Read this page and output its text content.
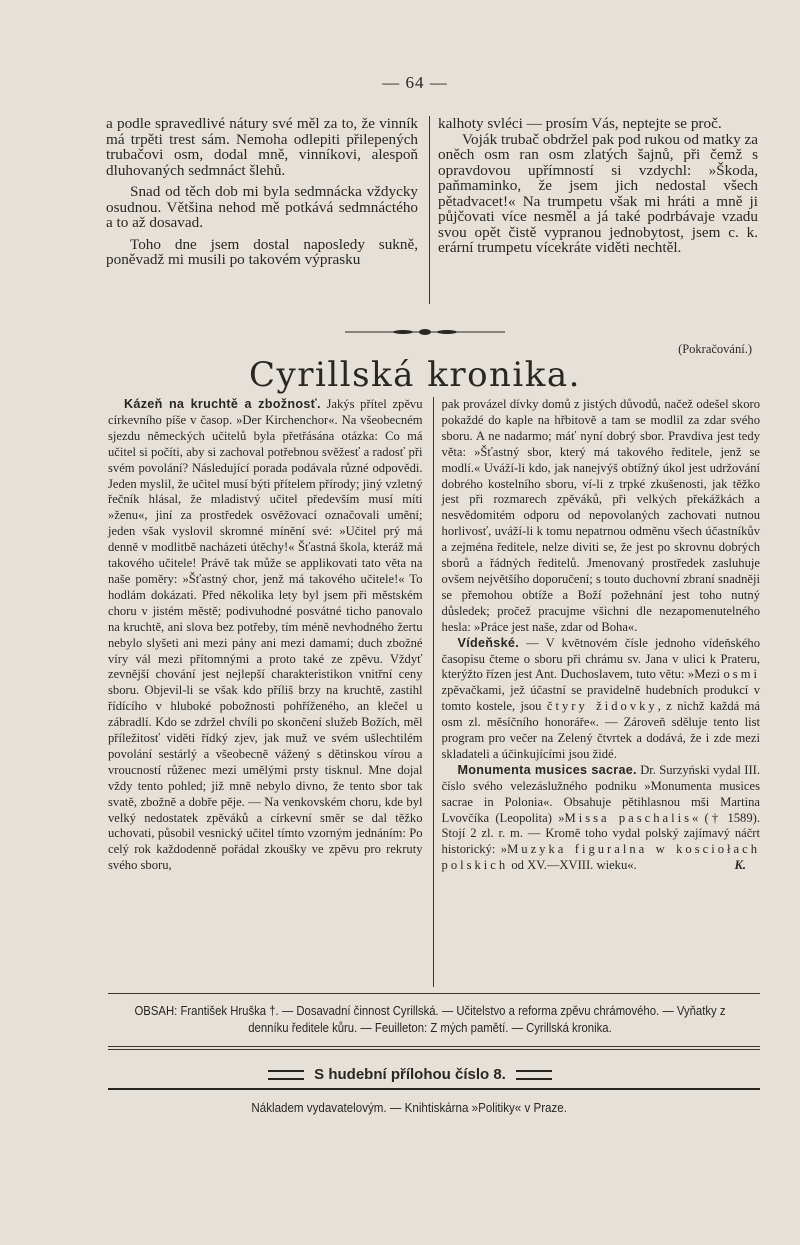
— 64 —

a podle spravedlivé nátury své měl za to, že vinník má trpěti trest sám. Nemoha odlepiti přilepených trubačovi osm, dodal mně, vinníkovi, alespoň dluhovaných sedmnáct šlehů.

Snad od těch dob mi byla sedmnácka vždycky osudnou. Většina nehod mě potkává sedmnáctého a to až dosavad.

Toho dne jsem dostal naposledy sukně, poněvadž mi musili po takovém výprasku

kalhoty svléci — prosím Vás, neptejte se proč.

Voják trubač obdržel pak pod rukou od matky za oněch osm ran osm zlatých šajnů, při čemž s opravdovou upřímností si vzdychl: »Škoda, paňmaminko, že jsem jich nedostal všech pětadvacet!« Na trumpetu však mi hráti a mně ji půjčovati více nesměl a já také podrbávaje vzadu svou opět čistě vypranou jednobytost, jsem c. k. erární trumpetu vícekráte viděti nechtěl.

(Pokračování.)
Cyrillská kronika.

Kázeň na kruchtě a zbožnosť. Jakýs přítel zpěvu církevního píše v časop. »Der Kirchenchor«. Na všeobecném sjezdu německých učitelů byla přetřásána otázka: Co má učitel si počíti, aby si zachoval potřebnou svěžesť a radosť při svém povolání? Následující porada podávala různé odpovědi. Jeden myslil, že učitel musí býti přítelem přírody; jiný vzletný řečník hlásal, že mladistvý učitel především musí míti »ženu«, jiní za prostředek osvěžovací označovali umění; jeden však vyslovil skromné mínění své: »Učitel prý má denně v modlitbě nacházeti útěchy!« Šťastná škola, kteráž má takového učitele! Právě tak může se applikovati tato věta na naše poměry: »Šťastný chor, jenž má takového učitele!« To hodlám dokázati. Před několika lety byl jsem při městském choru v jistém městě; podivuhodné posvátné ticho panovalo na kruchtě, ani slova bez potřeby, tím méně nevhodného žertu nebylo slyšeti ani mezi pány ani mezi damami; duch zbožné víry vál mezi přítomnými a proto také ze zpěvu. Vždyť zevnější chování jest nejlepší charakteristikon vnitřní ceny sboru. Objevil-li se však kdo příliš brzy na kruchtě, zastihl řídícího v hluboké pobožnosti pohříženého, an klečel u zábradlí. Kdo se zdržel chvíli po skončení služeb Božích, měl příležitosť viděti řídký zjev, jak muž ve svém ušlechtilém povolání sestárlý a všeobecně vážený s dětinskou vírou a vroucností růženec mezi umělými prsty tisknul. Mne dojal vždy tento pohled; již mně nebylo divno, že tento sbor tak svatě, zbožně a dobře pěje. — Na venkovském choru, kde byl velký nedostatek zpěváků a církevní směr se dal těžko uchovati, působil vesnický učitel tímto vzorným jednáním: Po celý rok každodenně pořádal zkoušky ve zpěvu pro rekruty svého sboru,

pak provázel dívky domů z jistých důvodů, načež odešel skoro pokaždé do kaple na hřbitově a tam se modlil za zdar svého sboru. A ne nadarmo; máť nyní dobrý sbor. Pravdiva jest tedy věta: »Šťastný sbor, který má takového ředitele, jenž se modlí.« Uváží-li kdo, jak nanejvýš obtížný úkol jest udržování dobrého kostelního sboru, ví-li z trpké zkušenosti, jak těžko jest při rozmarech zpěváků, při velkých překážkách a nesvědomitém odporu od nepovolaných zachovati nutnou horlivosť, uváží-li k tomu nepatrnou odměnu všech účastníkův a zejména ředitele, nelze diviti se, že jest po skrovnu dobrých sborů a řádných ředitelů. Jmenovaný prostředek zasluhuje ovšem největšího doporučení; s touto duchovní zbraní snadněji se přemohou obtíže a Boží požehnání jest toho nutný důsledek; pročež pracujme všichni dle nezapomenutelného hesla: »Práce jest naše, zdar od Boha«.

Vídeňské. — V květnovém čísle jednoho vídeňského časopisu čteme o sboru při chrámu sv. Jana v ulici k Prateru, kterýžto řízen jest Ant. Duchoslavem, tuto větu: »Mezi osmi zpěvačkami, jež účastní se pravidelně hudebních produkcí v tomto kostele, jsou čtyry židovky, z nichž každá má osm zl. měsíčního honoráře«. — Zároveň sděluje tento list program pro večer na Zelený čtvrtek a dodává, že i zde mezi skladateli a účinkujícími jsou židé.

Monumenta musices sacrae. Dr. Surzyński vydal III. číslo svého velezáslužného podniku »Monumenta musices sacrae in Polonia«. Obsahuje pětihlasnou mši Martina Lvovčíka (Leopolita) »Missa paschalis« († 1589). Stojí 2 zl. r. m. — Kromě toho vydal polský zajímavý náčrt historický: »Muzyka figuralna w kosciołach polskich od XV.—XVIII. wieku«.	K.

OBSAH: František Hruška †. — Dosavadní činnost Cyrillská. — Učitelstvo a reforma zpěvu chrámového. — Vyňatky z denníku ředitele kůru. — Feuilleton: Z mých pamětí. — Cyrillská kronika.
S hudební přílohou číslo 8.
Nákladem vydavatelovým. — Knihtiskárna »Politiky« v Praze.
